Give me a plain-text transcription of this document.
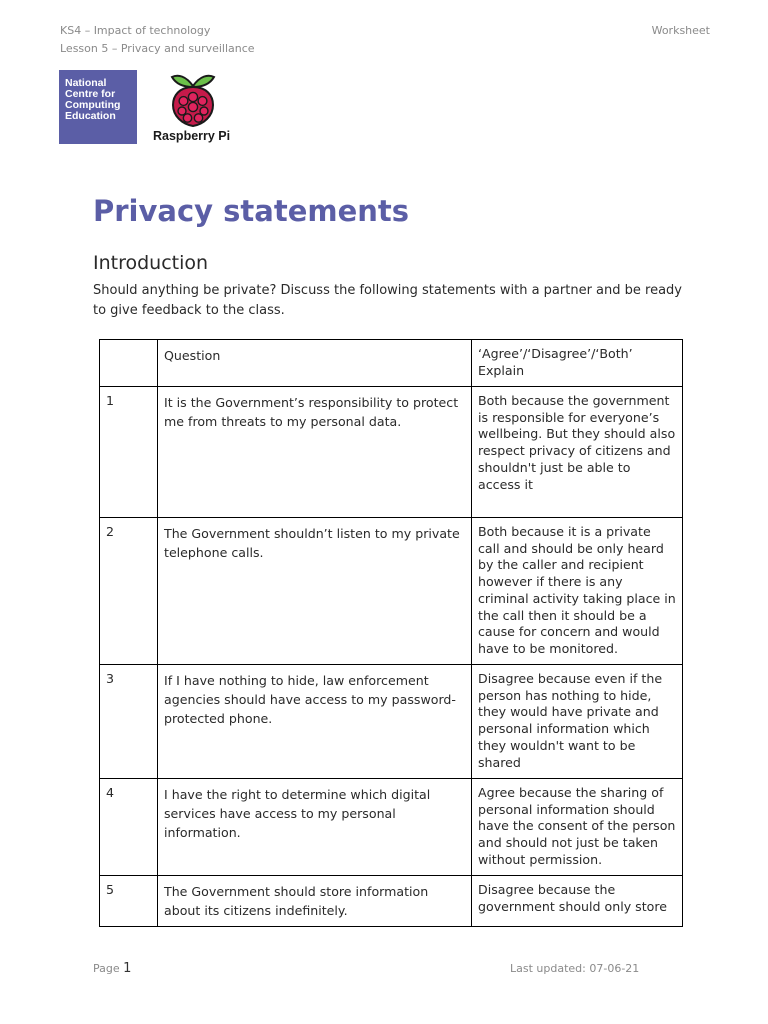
KS4 – Impact of technology
Lesson 5 – Privacy and surveillance
Worksheet
National
Centre for
Computing
Education
Raspberry Pi
Privacy statements
Introduction

Should anything be private? Discuss the following statements with a partner and be ready to give feedback to the class.

	Question	‘Agree’/‘Disagree’/‘Both’
Explain
1	It is the Government’s responsibility to protect me from threats to my personal data.	Both because the government is responsible for everyone’s wellbeing. But they should also respect privacy of citizens and shouldn't just be able to access it
2	The Government shouldn’t listen to my private telephone calls.	Both because it is a private call and should be only heard by the caller and recipient however if there is any criminal activity taking place in the call then it should be a cause for concern and would have to be monitored.
3	If I have nothing to hide, law enforcement agencies should have access to my password-protected phone.	Disagree because even if the person has nothing to hide, they would have private and personal information which they wouldn't want to be shared
4	I have the right to determine which digital services have access to my personal information.	Agree because the sharing of personal information should have the consent of the person and should not just be taken without permission.
5	The Government should store information about its citizens indefinitely.	Disagree because the government should only store
Page 1	Last updated: 07-06-21
